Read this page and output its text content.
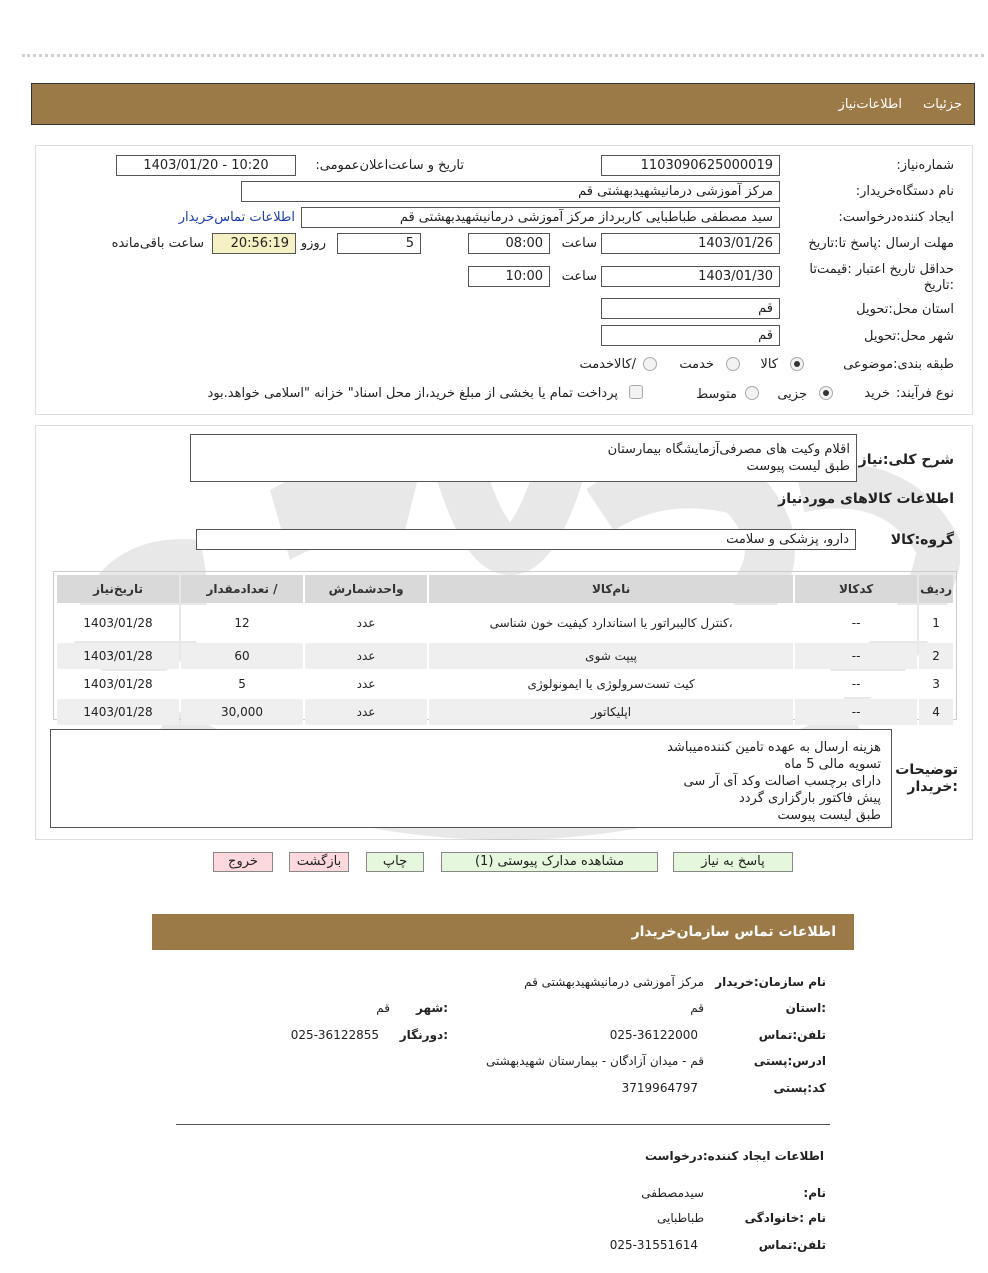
جزئیات
اطلاعات‌نیاز
شماره‌نیاز:
1103090625000019
تاریخ و ساعت‌اعلان‌عمومی:
1403/01/20 - 10:20
نام دستگاه‌خریدار:
مرکز آموزشی درمانیشهیدبهشتی قم
ایجاد کننده‌درخواست:
سید مصطفی طباطبایی کاربرداز مرکز آموزشی درمانیشهیدبهشتی قم
اطلاعات تماس‌خریدار
مهلت ارسال :پاسخ تا:تاریخ
1403/01/26
ساعت
08:00
5
روزو
20:56:19
ساعت باقی‌مانده
حداقل تاریخ اعتبار :قیمت‌تا :تاریخ
1403/01/30
ساعت
10:00
استان محل:تحویل
قم
شهر محل:تحویل
قم
طبقه بندی:موضوعی
کالا
خدمت
/کالاخدمت
نوع فرآیند:
خرید
جزیی
متوسط
پرداخت تمام یا بخشی از مبلغ خرید،از محل اسناد" خزانه "اسلامی خواهد.بود
شرح کلی:نیاز
اقلام وکیت های مصرفی‌آزمایشگاه بیمارستان
طبق لیست پیوست
اطلاعات کالاهای موردنیاز
گروه:کالا
دارو، پزشکی و سلامت
ردیف	کدکالا	نام‌کالا	واحدشمارش	/ تعدادمقدار	تاریخ‌نیاز
1	--	،کنترل کالیبراتور یا استاندارد کیفیت خون شناسی	عدد	12	1403/01/28
2	--	پیپت شوی	عدد	60	1403/01/28
3	--	کیت تست‌سرولوژی یا ایمونولوژی	عدد	5	1403/01/28
4	--	اپلیکاتور	عدد	30,000	1403/01/28
توضیحات :خریدار
هزینه ارسال به عهده تامین کننده‌میباشد
تسویه مالی 5 ماه
دارای برچسب اصالت وکد آی آر سی
پیش فاکتور بارگزاری گردد
طبق لیست پیوست
پاسخ به نیاز
مشاهده مدارک پیوستی (1)
چاپ
بازگشت
خروج
اطلاعات تماس سازمان‌خریدار
نام سازمان:خریدار
مرکز آموزشی درمانیشهیدبهشتی قم
:استان
قم
:شهر
قم
تلفن:تماس
025-36122000
:دورنگار
025-36122855
ادرس:پستی
قم - میدان آزادگان - بیمارستان شهیدبهشتی
کد:پستی
3719964797
اطلاعات ایجاد کننده:درخواست
نام:
سیدمصطفی
نام :خانوادگی
طباطبایی
تلفن:تماس
025-31551614
